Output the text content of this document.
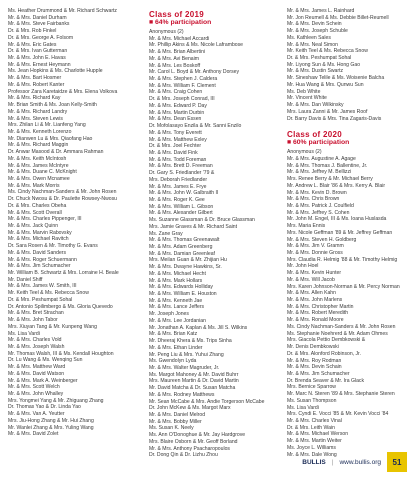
Ms. Heather Drummond & Mr. Richard Schwartz
Mr. & Mrs. Daniel Durham
Mr. & Mrs. Steve Fairbanks
Dr. & Mrs. Rob Finkel
Dr. & Mrs. George A. Folsom
Mr. & Mrs. Eric Gates
Dr. & Mrs. Ivan Gutterman
Mr. & Mrs. John E. Havas
Mr. & Mrs. Ernest Heymann
Ms. Jean Hopkins & Ms. Charlotte Hupple
Mr. & Mrs. Bart Hosmer
Mr. & Mrs. Robert Kanter
Professor Zara Karetaidze & Mrs. Elena Volkova
Mr. & Mrs. Richard Kay
Mr. Brian Smith & Ms. Joan Kelly-Smith
Mr. & Mrs. Richard Landry
Mr. & Mrs. Steven Lewis
Mrs. Zhilan Li & Mr. Lianfeng Yang
Mr. & Mrs. Kenneth Lorenzo
Mr. Dianwen Lu & Mrs. Qiaofang Hao
Mr. & Mrs. Richard Maggin
Dr. Anwar Masood & Dr. Ammara Rahman
Mr. & Mrs. Keith McIntosh
Mr. & Mrs. James McIntyre
Mr. & Mrs. Duane C. McKnight
Mr. & Mrs. Owen Mcnamee
Mr. & Mrs. Mark Morris
Ms. Cindy Nachman-Sanders & Mr. John Rosen
Dr. Chuck Nwosu & Dr. Paulette Rowsey-Nwosu
Dr. & Mrs. Charles Obeha
Mr. & Mrs. Scott Overall
Mr. & Mrs. Charles Pippenger, III
Mr. & Mrs. Jack Quinn
Mr. & Mrs. Marvin Rabovsky
Mr. & Mrs. Michael Ravitch
Dr. Sara Rosen & Mr. Timothy G. Evans
Mr. & Mrs. David Sanders
Mr. & Mrs. Roger Schuermann
Mr. & Mrs. Jim Schumacher
Mr. William B. Schwartz & Mrs. Lorraine H. Beale
Mr. Daniel Shiff
Mr. & Mrs. James W. Smith, III
Mr. Keith Teel & Ms. Rebecca Snow
Dr. & Mrs. Peshumpat Sohal
Dr. Antonio Spilimbergo & Ms. Gloria Quevedo
Mr. & Mrs. Bret Strachan
Mr. & Mrs. John Tabor
Mrs. Xiuyan Tang & Mr. Kunpeng Wang
Ms. Lisa Vardi
Mr. & Mrs. Charles Vold
Mr. & Mrs. Joseph Walsh
Mr. Thomas Walsh, III & Ms. Kendall Houghton
Dr. Lu Wang & Ms. Wenqing Sun
Mr. & Mrs. Matthew Ward
Mr. & Mrs. David Watson
Mr. & Mrs. Mark A. Weinberger
Mr. & Mrs. Scott Welch
Mr. & Mrs. John Whalley
Mrs. Yongmei Yang & Mr. Zhiguang Zhang
Dr. Thomas Yao & Dr. Linda Yao
Mr. & Mrs. Van A. Yeutter
Mrs. Jiu-Hong Zhang & Mr. Hui Zhang
Mr. Wanlei Zhang & Mrs. Yuling Wang
Mr. & Mrs. David Zolet
Class of 2019
■ 64% participation
Anonymous (2)
Mr. & Mrs. Michael Accardi
Mr. Phillip Akins & Ms. Nicole Laframbose
Mr. & Mrs. Brian Albertini
Mr. & Mrs. Avi Benaim
Mr. & Mrs. Les Boskoff
Mr. Carol L. Boyd & Mr. Anthony Dorsey
Mr. & Mrs. Stephen J. Caldera
Mr. & Mrs. William F. Clement
Mr. & Mrs. Craig Cohen
Dr. & Mrs. Joseph Conrad, III
Mr. & Mrs. Edward P. Day
Mr. & Mrs. Martin Durbin
Mr. & Mrs. Dean Essen
Dr. Mofolasayo Enzila & Mr. Sanni Enzilo
Mr. & Mrs. Tony Everett
Mr. & Mrs. Matthew Exley
Dr. & Mrs. Joel Fechter
Mr. & Mrs. David Fink
Mr. & Mrs. Todd Foreman
Mr. & Mrs. Brett D. Freeman
Dr. Gary S. Friedlander '79 &
Mrs. Deborah Friedlander
Mr. & Mrs. James E. Frye
Mr. & Mrs. John W. Galbraith II
Mr. & Mrs. Roger K. Gee
Mr. & Mrs. William L. Gibson
Mr. & Mrs. Alexander Gilbert
Ms. Suzanne Glassman & Dr. Bruce Glassman
Mrs. Jamie Graves & Mr. Richard Saint
Ms. Zane Gray
Mr. & Mrs. Thomas Greenawalt
Mr. & Mrs. Adam Greenberg
Mr. & Mrs. Damian Greenleaf
Mrs. Meilan Guan & Mr. Zhijian Hu
Mr. & Mrs. Dwayne Hawkins, Sr.
Mr. & Mrs. Michael Hecht
Mr. & Mrs. Mark Hollars
Mr. & Mrs. Edwards Holliday
Mr. & Mrs. William E. Houston
Mr. & Mrs. Kenneth Jae
Mr. & Mrs. Lance Jeffers
Mr. Joseph Jones
Mr. & Mrs. Lee Jordanian
Mr. Jonathan A. Kaplan & Ms. Jill S. Wilkins
Mr. & Mrs. Brian Katz
Mr. Dheeraj Khera & Ms. Trips Sinha
Mr. & Mrs. Ethan Linder
Mr. Peng Liu & Mrs. Yuhui Zhang
Ms. Gwendolyn Lyda
Mr. & Mrs. Walter Magruder, Jr.
Ms. Margot Mahoney & Mr. David Buhrr
Mrs. Maureen Martin & Dr. David Martin
Mr. David Matcha & Dr. Susan Matcha
Mr. & Mrs. Rodney Matthews
Mr. Sean McCabe & Mrs. Andie Torgerson McCabe
Dr. John McKew & Ms. Margot Marx
Mr. & Mrs. Daniel Melrod
Mr. & Mrs. Bobby Miller
Ms. Susan K. Neely
Ms. Ann O'Donoghue & Mr. Jay Hardgrove
Mrs. Blaire Osborn & Mr. Geoff Borland
Mr. & Mrs. Anthony Psacharopoulos
Dr. Dong Qin & Dr. Lizhu Zhou
Mr. & Mrs. James L. Rainhard
Mr. Jon Reumell & Ms. Debbie Billet-Reumell
Mr. & Mrs. Devin Schein
Mr. & Mrs. Joseph Schuble
Ms. Kathleen Sales
Mr. & Mrs. Neal Simon
Mr. Keith Teel & Ms. Rebecca Snow
Dr. & Mrs. Peshumpat Sohal
Mr. Liyong Sun & Ms. Hong Gao
Mr. & Mrs. Dustin Swartz
Mr. Sineshaw Telile & Ms. Woisenie Balcha
Mr. Hua Wang & Mrs. Qunwu Sun
Ms. Deb White
Mr. Vincent White
Mr. & Mrs. Dan Wilkinsky
Mrs. Laura Zanni & Mr. James Roof
Dr. Barry Davis & Mrs. Tina Zagaris-Davis
Class of 2020
■ 60% participation
Anonymous (2)
Mr. & Mrs. Augustine A. Agage
Mr. & Mrs. Thomas J. Ballentine, Jr.
Mr. & Mrs. Jeffrey M. Bellizzi
Mrs. Renee Berry & Mr. Michael Berry
Mr. Andrew L. Blair '86 & Mrs. Kerry A. Blair
Mr. & Mrs. Kevin D. Brown
Mr. & Mrs. Chris Brown
Mr. & Mrs. Patrick J. Coulfield
Mr. & Mrs. Jeffrey S. Cohen
Mr. John M. Engel, III & Ms. Ioana Huslasda
Mrs. Maria Ennis
Mrs. Nicole Geffman '89 & Mr. Jeffrey Geffman
Mr. & Mrs. Steven H. Goldberg
Mr. & Mrs. Jim V. Gramm
Mr. & Mrs. Donnie Gross
Mrs. Claudia R. Helmig '88 & Mr. Timothy Helmig
Mr. John Hoel
Mr. & Mrs. Kevin Hunter
Mr. & Mrs. Will Jacob
Mrs. Karen Johnson-Norman & Mr. Percy Norman
Mr. & Mrs. Allen Kahn
Mr. & Mrs. John Marlens
Mr. & Mrs. Christopher Martin
Mr. & Mrs. Robert Meredith
Mr. & Mrs. Ronald Moore
Ms. Cindy Nachman-Sanders & Mr. John Rosen
Ms. Stephanie Noehrerd & Mr. Adam Ohmes
Mrs. Giacola Pettio Dembkowski &
Mr. Denis Dembkowski
Dr. & Mrs. Alonford Robinson, Jr.
Mr. & Mrs. Roy Rodman
Mr. & Mrs. Devin Schain
Mr. & Mrs. Jim Schumacher
Dr. Brenda Seaver & Mr. Ira Glack
Mrs. Bernice Sparrow
Mr. Marc N. Steren '89 & Mrs. Stephanie Steren
Ms. Susan Thompson
Ms. Lisa Vardi
Mrs. Cyndi E. Vocci '85 & Mr. Kevin Vocci '84
Mr. & Mrs. Charles Vinal
Dr. & Mrs. Leith Wain
Mr. & Mrs. Michael Werson
Mr. & Mrs. Martin Weiter
Ms. Joyce L. Williams
Mr. & Mrs. Dale Wong
BULLIS | www.bullis.org	51
